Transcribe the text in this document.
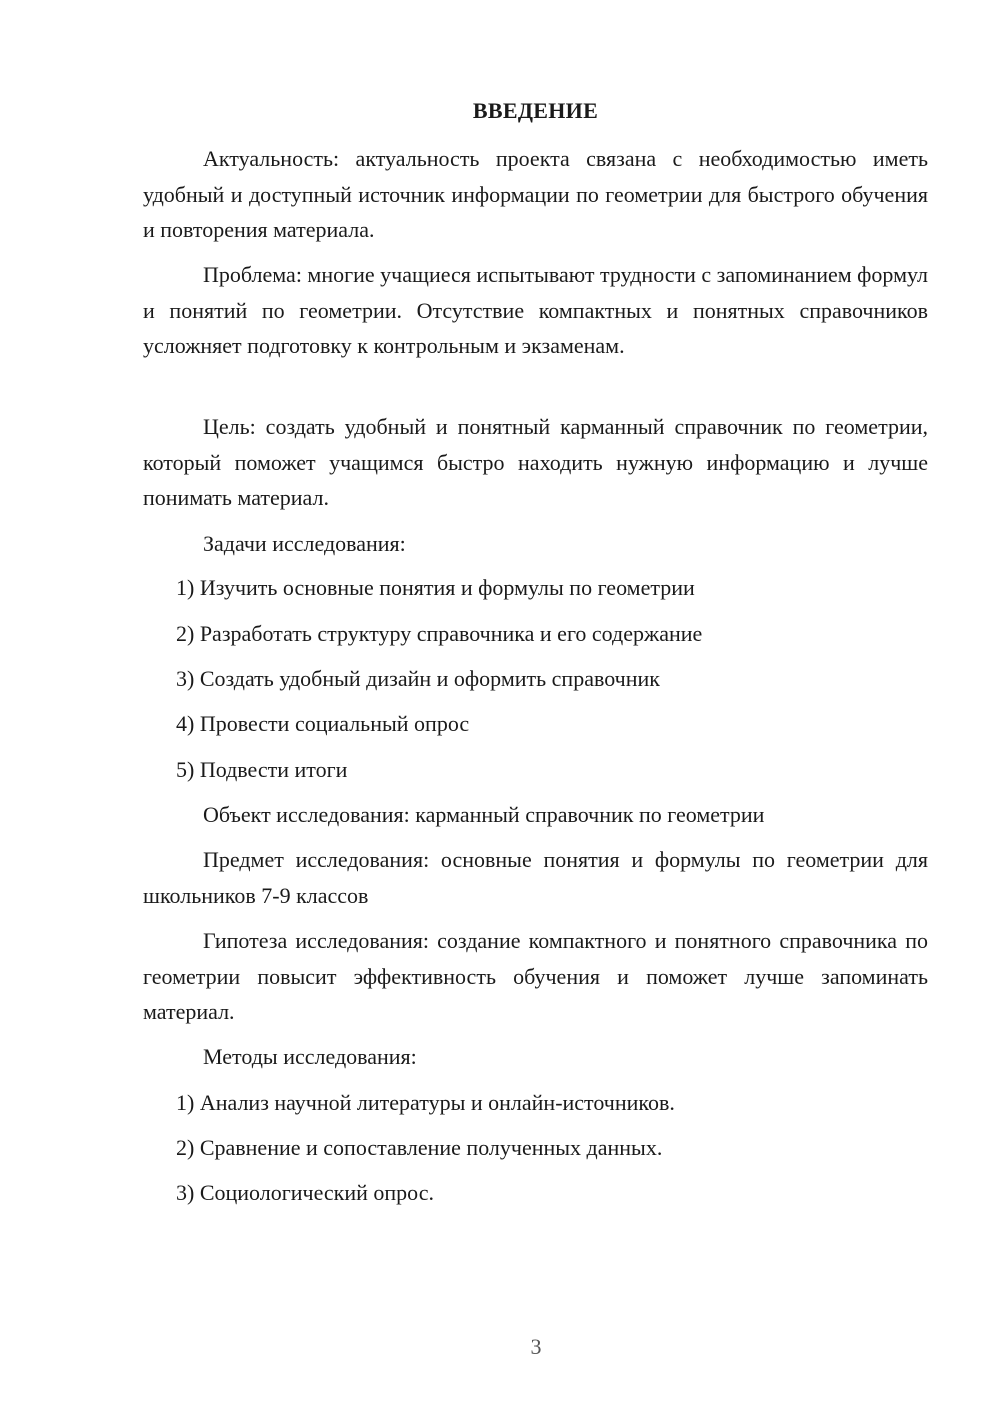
ВВЕДЕНИЕ

Актуальность: актуальность проекта связана с необходимостью иметь удобный и доступный источник информации по геометрии для быстрого обучения и повторения материала.

Проблема: многие учащиеся испытывают трудности с запоминанием формул и понятий по геометрии. Отсутствие компактных и понятных справочников усложняет подготовку к контрольным и экзаменам.

Цель: создать удобный и понятный карманный справочник по геометрии, который поможет учащимся быстро находить нужную информацию и лучше понимать материал.

Задачи исследования:
1) Изучить основные понятия и формулы по геометрии
2) Разработать структуру справочника и его содержание
3) Создать удобный дизайн и оформить справочник
4) Провести социальный опрос
5) Подвести итоги
Объект исследования: карманный справочник по геометрии

Предмет исследования: основные понятия и формулы по геометрии для школьников 7-9 классов

Гипотеза исследования: создание компактного и понятного справочника по геометрии повысит эффективность обучения и поможет лучше запоминать материал.

Методы исследования:
1) Анализ научной литературы и онлайн-источников.
2) Сравнение и сопоставление полученных данных.
3) Социологический опрос.
3
